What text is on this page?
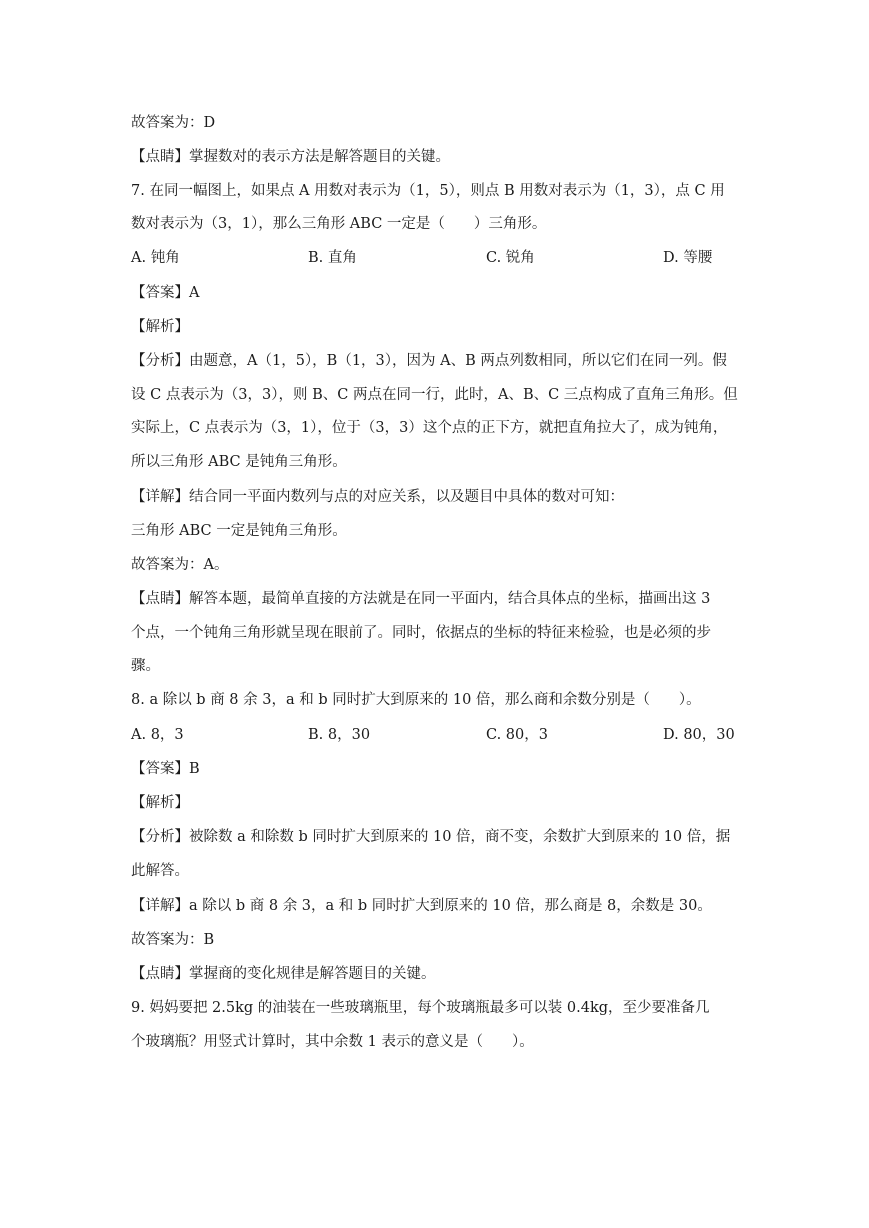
故答案为：D
【点睛】掌握数对的表示方法是解答题目的关键。
7. 在同一幅图上，如果点 A 用数对表示为（1，5），则点 B 用数对表示为（1，3），点 C 用
数对表示为（3，1），那么三角形 ABC 一定是（　　）三角形。
A. 钝角	B. 直角	C. 锐角	D. 等腰
【答案】A
【解析】
【分析】由题意，A（1，5），B（1，3），因为 A、B 两点列数相同，所以它们在同一列。假
设 C 点表示为（3，3），则 B、C 两点在同一行，此时，A、B、C 三点构成了直角三角形。但
实际上，C 点表示为（3，1），位于（3，3）这个点的正下方，就把直角拉大了，成为钝角，
所以三角形 ABC 是钝角三角形。
【详解】结合同一平面内数列与点的对应关系，以及题目中具体的数对可知：
三角形 ABC 一定是钝角三角形。
故答案为：A。
【点睛】解答本题，最简单直接的方法就是在同一平面内，结合具体点的坐标，描画出这 3
个点，一个钝角三角形就呈现在眼前了。同时，依据点的坐标的特征来检验，也是必须的步
骤。
8. a 除以 b 商 8 余 3，a 和 b 同时扩大到原来的 10 倍，那么商和余数分别是（　　）。
A. 8，3	B. 8，30	C. 80，3	D. 80，30
【答案】B
【解析】
【分析】被除数 a 和除数 b 同时扩大到原来的 10 倍，商不变，余数扩大到原来的 10 倍，据
此解答。
【详解】a 除以 b 商 8 余 3，a 和 b 同时扩大到原来的 10 倍，那么商是 8，余数是 30。
故答案为：B
【点睛】掌握商的变化规律是解答题目的关键。
9. 妈妈要把 2.5kg 的油装在一些玻璃瓶里，每个玻璃瓶最多可以装 0.4kg，至少要准备几
个玻璃瓶？用竖式计算时，其中余数 1 表示的意义是（　　）。
